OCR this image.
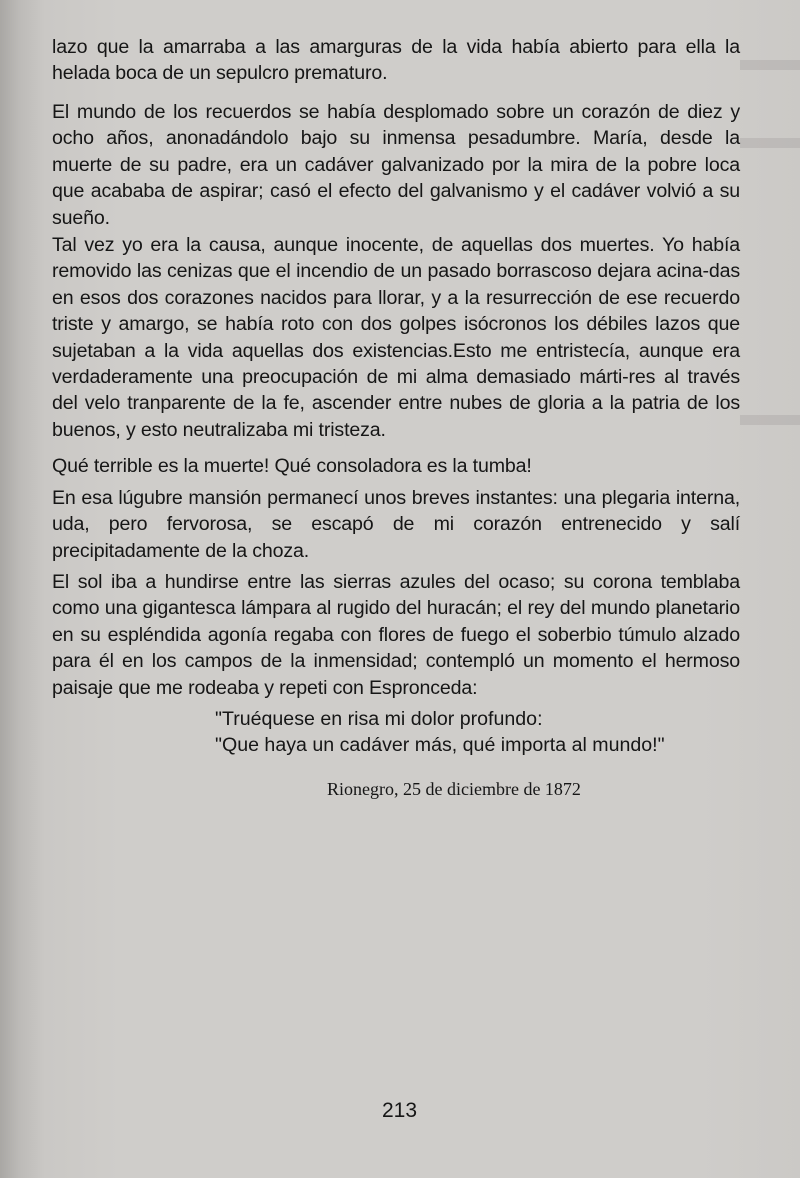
lazo que la amarraba a las amarguras de la vida había abierto para ella la helada boca de un sepulcro prematuro.

El mundo de los recuerdos se había desplomado sobre un corazón de diez y ocho años, anonadándolo bajo su inmensa pesadumbre. María, desde la muerte de su padre, era un cadáver galvanizado por la mira de la pobre loca que acababa de aspirar; casó el efecto del galvanismo y el cadáver volvió a su sueño.

Tal vez yo era la causa, aunque inocente, de aquellas dos muertes. Yo había removido las cenizas que el incendio de un pasado borrascoso dejara acina-das en esos dos corazones nacidos para llorar, y a la resurrección de ese recuerdo triste y amargo, se había roto con dos golpes isócronos los débiles lazos que sujetaban a la vida aquellas dos existencias.Esto me entristecía, aunque era verdaderamente una preocupación de mi alma demasiado márti-res al través del velo tranparente de la fe, ascender entre nubes de gloria a la patria de los buenos, y esto neutralizaba mi tristeza.

Qué terrible es la muerte! Qué consoladora es la tumba!

En esa lúgubre mansión permanecí unos breves instantes: una plegaria interna, uda, pero fervorosa, se escapó de mi corazón entrenecido y salí precipitadamente de la choza.

El sol iba a hundirse entre las sierras azules del ocaso; su corona temblaba como una gigantesca lámpara al rugido del huracán; el rey del mundo planetario en su espléndida agonía regaba con flores de fuego el soberbio túmulo alzado para él en los campos de la inmensidad; contempló un momento el hermoso paisaje que me rodeaba y repeti con Espronceda:

"Truéquese en risa mi dolor profundo:
"Que haya un cadáver más, qué importa al mundo!"
Rionegro, 25 de diciembre de 1872
213
